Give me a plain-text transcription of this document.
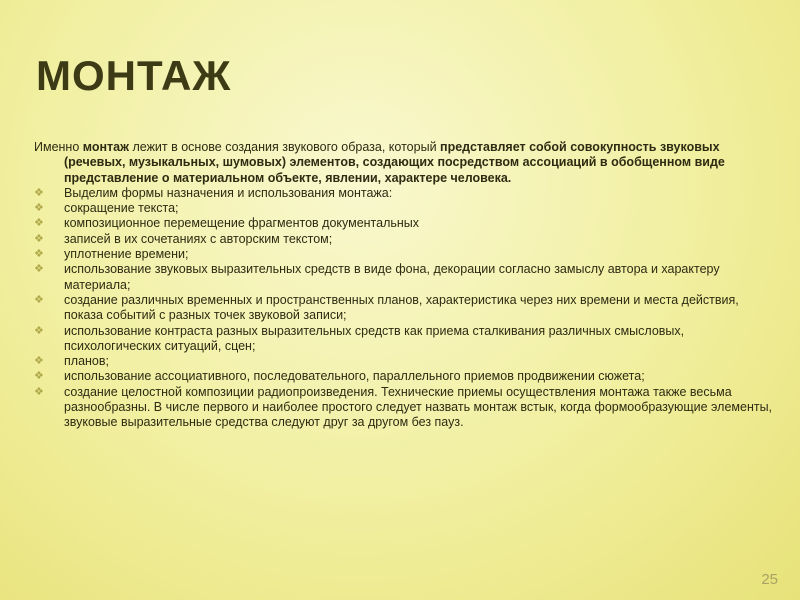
МОНТАЖ

Именно монтаж лежит в основе создания звукового образа, который представляет собой совокупность звуковых (речевых, музыкальных, шумовых) элементов, создающих посредством ассоциаций в обобщенном виде представление о материальном объекте, явлении, характере человека.

❖ Выделим формы назначения и использования монтажа:
❖ сокращение текста;
❖ композиционное перемещение фрагментов документальных
❖ записей в их сочетаниях с авторским текстом;
❖ уплотнение времени;
❖ использование звуковых выразительных средств в виде фона, декорации согласно замыслу автора и характеру материала;
❖ создание различных временных и пространственных планов, характеристика через них времени и места действия, показа событий с разных точек звуковой записи;
❖ использование контраста разных выразительных средств как приема сталкивания различных смысловых, психологических ситуаций, сцен;
❖ планов;
❖ использование ассоциативного, последовательного, параллельного приемов продвижении сюжета;
❖ создание целостной композиции радиопроизведения. Технические приемы осуществления монтажа также весьма разнообразны. В числе первого и наиболее простого следует назвать монтаж встык, когда формообразующие элементы, звуковые выразительные средства следуют друг за другом без пауз.
25
